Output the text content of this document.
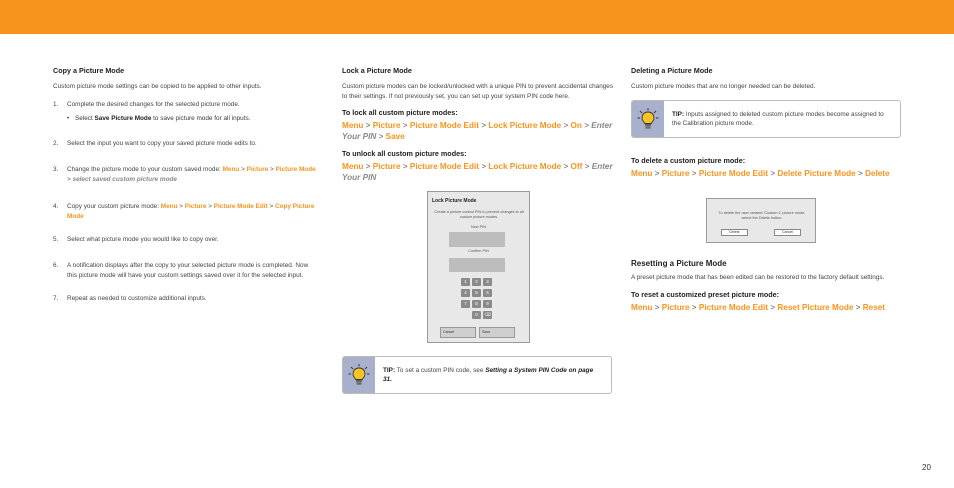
Copy a Picture Mode

Custom picture mode settings can be copied to be applied to other inputs.

1.	Complete the desired changes for the selected picture mode.
• Select Save Picture Mode to save picture mode for all inputs.
2.	Select the input you want to copy your saved picture mode edits to.
3.	Change the picture mode to your custom saved mode: Menu > Picture > Picture Mode > select saved custom picture mode
4.	Copy your custom picture mode: Menu > Picture > Picture Mode Edit > Copy Picture Mode
5.	Select what picture mode you would like to copy over.
6.	A notification displays after the copy to your selected picture mode is completed. Now this picture mode will have your custom settings saved over it for the selected input.
7.	Repeat as needed to customize additional inputs.
Lock a Picture Mode

Custom picture modes can be locked/unlocked with a unique PIN to prevent accidental changes to their settings. If not previously set, you can set up your system PIN code here.

To lock all custom picture modes:
Menu > Picture > Picture Mode Edit > Lock Picture Mode > On > Enter Your PIN > Save
To unlock all custom picture modes:
Menu > Picture > Picture Mode Edit > Lock Picture Mode > Off > Enter Your PIN
Lock Picture Mode
Create a picture control PIN to prevent changes to all custom picture modes.
New PIN
Confirm PIN
1	2	3
4	5	6
7	8	9
0	⌫
Cancel	Save
TIP: To set a custom PIN code, see Setting a System PIN Code on page 31.
Deleting a Picture Mode

Custom picture modes that are no longer needed can be deleted.

TIP: Inputs assigned to deleted custom picture modes become assigned to the Calibration picture mode.
To delete a custom picture mode:
Menu > Picture > Picture Mode Edit > Delete Picture Mode > Delete
To delete the user created 'Custom 1' picture mode, select the Delete button.
Delete	Cancel
Resetting a Picture Mode

A preset picture mode that has been edited can be restored to the factory default settings.

To reset a customized preset picture mode:
Menu > Picture > Picture Mode Edit > Reset Picture Mode > Reset
20
